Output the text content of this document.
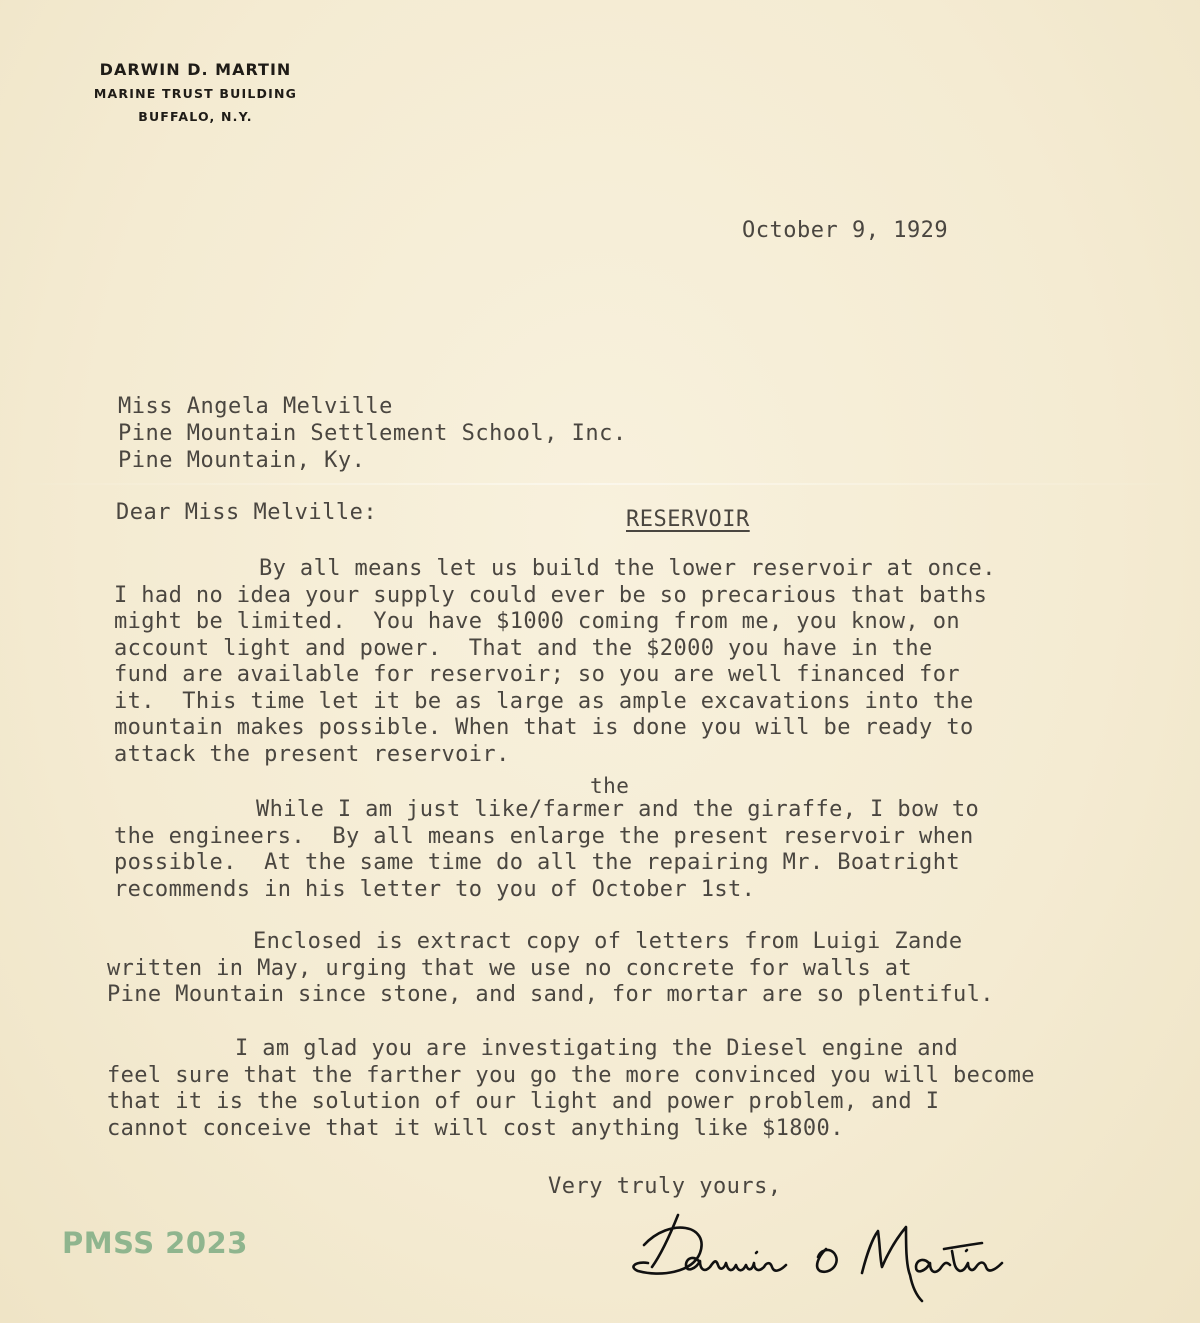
DARWIN D. MARTIN
MARINE TRUST BUILDING
BUFFALO, N.Y.
October 9, 1929
Miss Angela Melville
Pine Mountain Settlement School, Inc.
Pine Mountain, Ky.
Dear Miss Melville:	RESERVOIR
By all means let us build the lower reservoir at once.
I had no idea your supply could ever be so precarious that baths
might be limited.  You have $1000 coming from me, you know, on
account light and power.  That and the $2000 you have in the
fund are available for reservoir; so you are well financed for
it.  This time let it be as large as ample excavations into the
mountain makes possible. When that is done you will be ready to
attack the present reservoir.
the
While I am just like/farmer and the giraffe, I bow to
the engineers.  By all means enlarge the present reservoir when
possible.  At the same time do all the repairing Mr. Boatright
recommends in his letter to you of October 1st.
Enclosed is extract copy of letters from Luigi Zande
written in May, urging that we use no concrete for walls at
Pine Mountain since stone, and sand, for mortar are so plentiful.
I am glad you are investigating the Diesel engine and
feel sure that the farther you go the more convinced you will become
that it is the solution of our light and power problem, and I
cannot conceive that it will cost anything like $1800.
Very truly yours,
PMSS 2023
